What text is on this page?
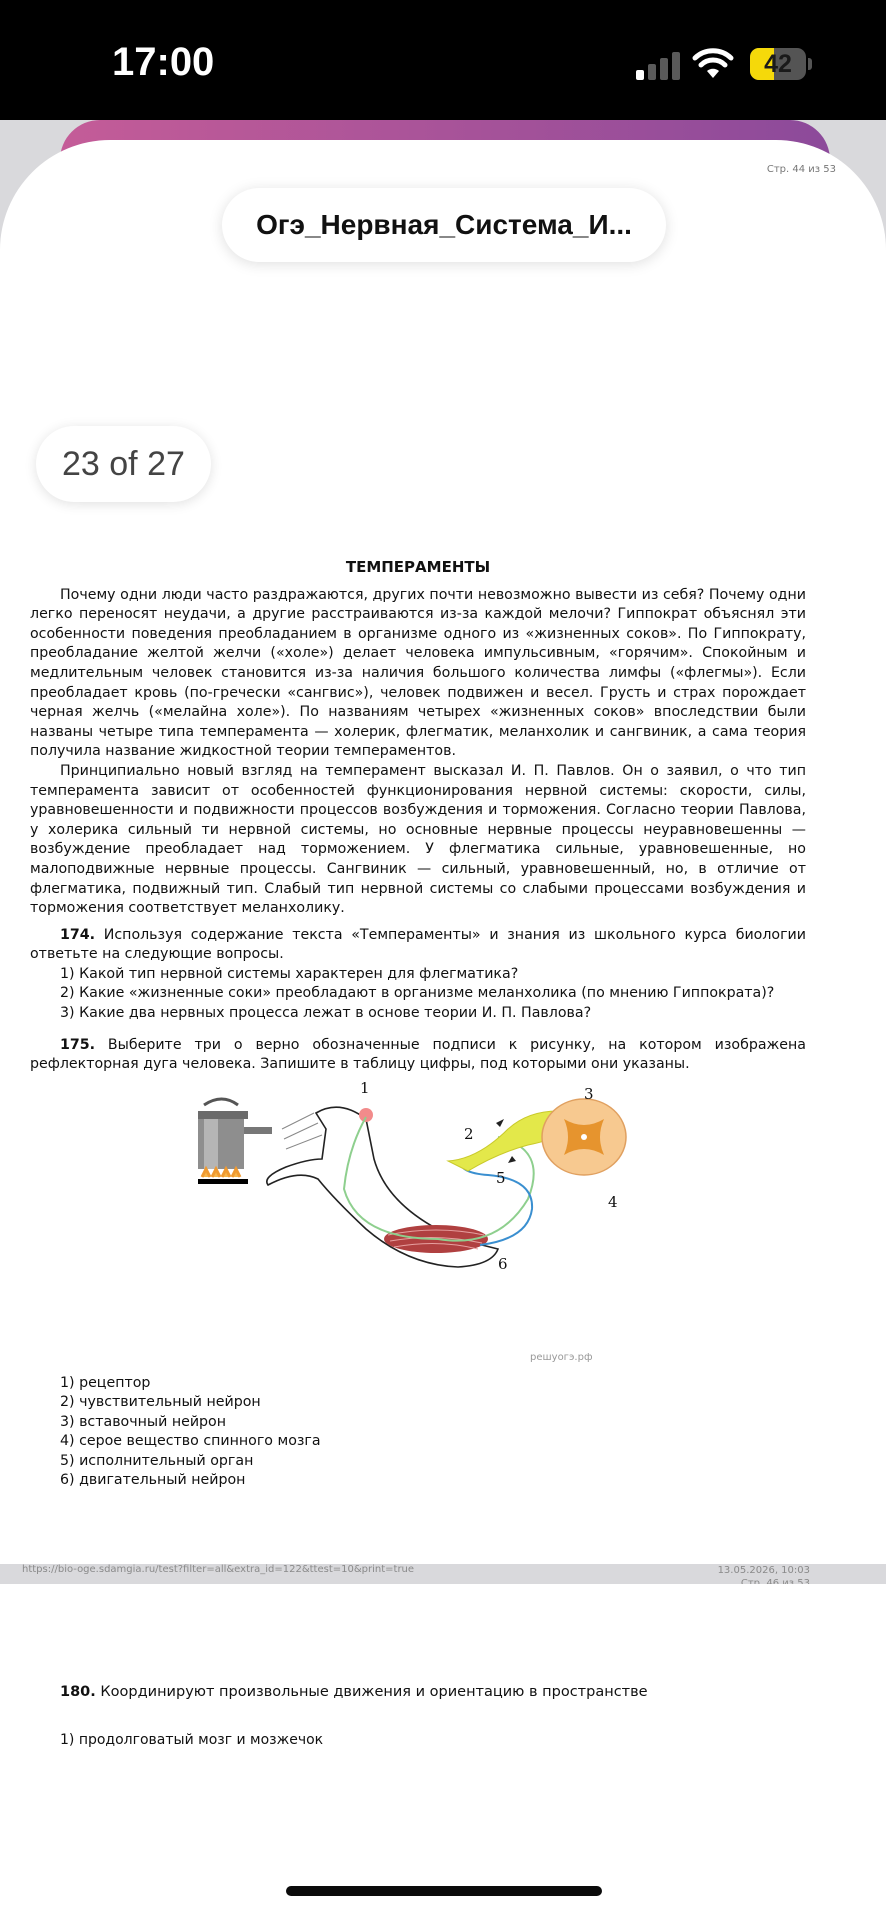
17:00	42
Стр. 44 из 53
Огэ_Нервная_Система_И...
23 of 27
ТЕМПЕРАМЕНТЫ

Почему одни люди часто раздражаются, других почти невозможно вывести из себя? Почему одни легко переносят неудачи, а другие расстраиваются из-за каждой мелочи? Гиппократ объяснял эти особенности поведения преобладанием в организме одного из «жизненных соков». По Гиппократу, преобладание желтой желчи («холе») делает человека импульсивным, «горячим». Спокойным и медлительным человек становится из-за наличия большого количества лимфы («флегмы»). Если преобладает кровь (по-гречески «сангвис»), человек подвижен и весел. Грусть и страх порождает черная желчь («мелайна холе»). По названиям четырех «жизненных соков» впоследствии были названы четыре типа темперамента — холерик, флегматик, меланхолик и сангвиник, а сама теория получила название жидкостной теории темпераментов.

Принципиально новый взгляд на темперамент высказал И. П. Павлов. Он о заявил, о что тип темперамента зависит от особенностей функционирования нервной системы: скорости, силы, уравновешенности и подвижности процессов возбуждения и торможения. Согласно теории Павлова, у холерика сильный ти нервной системы, но основные нервные процессы неуравновешенны — возбуждение преобладает над торможением. У флегматика сильные, уравновешенные, но малоподвижные нервные процессы. Сангвиник — сильный, уравновешенный, но, в отличие от флегматика, подвижный тип. Слабый тип нервной системы со слабыми процессами возбуждения и торможения соответствует меланхолику.

174. Используя содержание текста «Темпераменты» и знания из школьного курса биологии ответьте на следующие вопросы.

1) Какой тип нервной системы характерен для флегматика?
2) Какие «жизненные соки» преобладают в организме меланхолика (по мнению Гиппократа)?
3) Какие два нервных процесса лежат в основе теории И. П. Павлова?

175. Выберите три о верно обозначенные подписи к рисунку, на котором изображена рефлекторная дуга человека. Запишите в таблицу цифры, под которыми они указаны.

1
2
3
4
5
6
решуогэ.рф
1) рецептор
2) чувствительный нейрон
3) вставочный нейрон
4) серое вещество спинного мозга
5) исполнительный орган
6) двигательный нейрон
https://bio-oge.sdamgia.ru/test?filter=all&extra_id=122&ttest=10&print=true	13.05.2026, 10:03
180. Координируют произвольные движения и ориентацию в пространстве
1) продолговатый мозг и мозжечок
